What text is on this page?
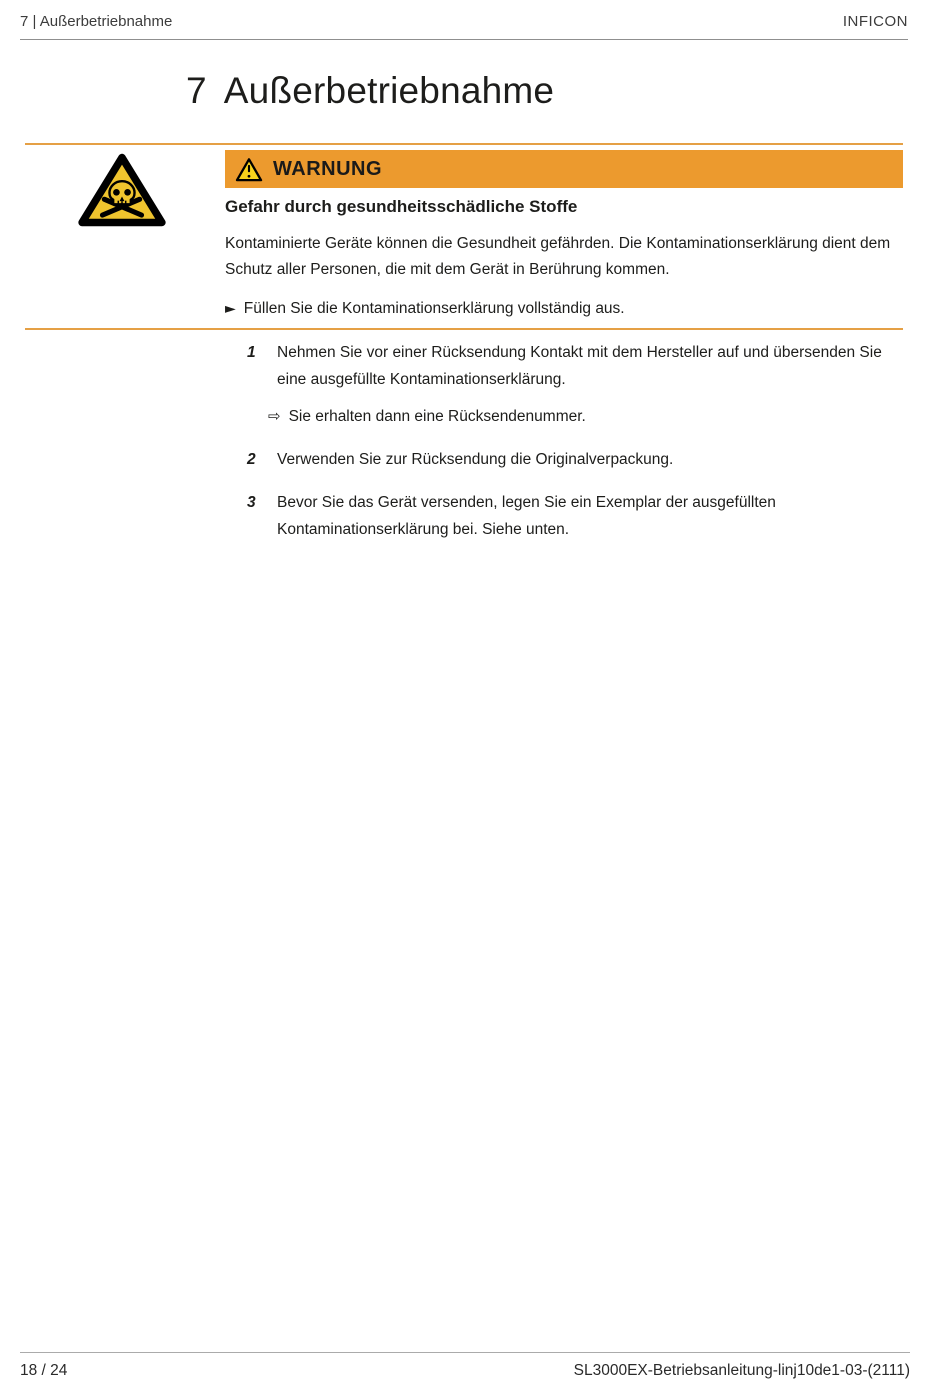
7 | Außerbetriebnahme	INFICON
7 Außerbetriebnahme
WARNUNG

Gefahr durch gesundheitsschädliche Stoffe

Kontaminierte Geräte können die Gesundheit gefährden. Die Kontaminationserklärung dient dem Schutz aller Personen, die mit dem Gerät in Berührung kommen.

► Füllen Sie die Kontaminationserklärung vollständig aus.

1	Nehmen Sie vor einer Rücksendung Kontakt mit dem Hersteller auf und übersenden Sie eine ausgefüllte Kontaminationserklärung.

⇨ Sie erhalten dann eine Rücksendenummer.

2	Verwenden Sie zur Rücksendung die Originalverpackung.

3	Bevor Sie das Gerät versenden, legen Sie ein Exemplar der ausgefüllten Kontaminationserklärung bei. Siehe unten.

18 / 24	SL3000EX-Betriebsanleitung-linj10de1-03-(2111)
